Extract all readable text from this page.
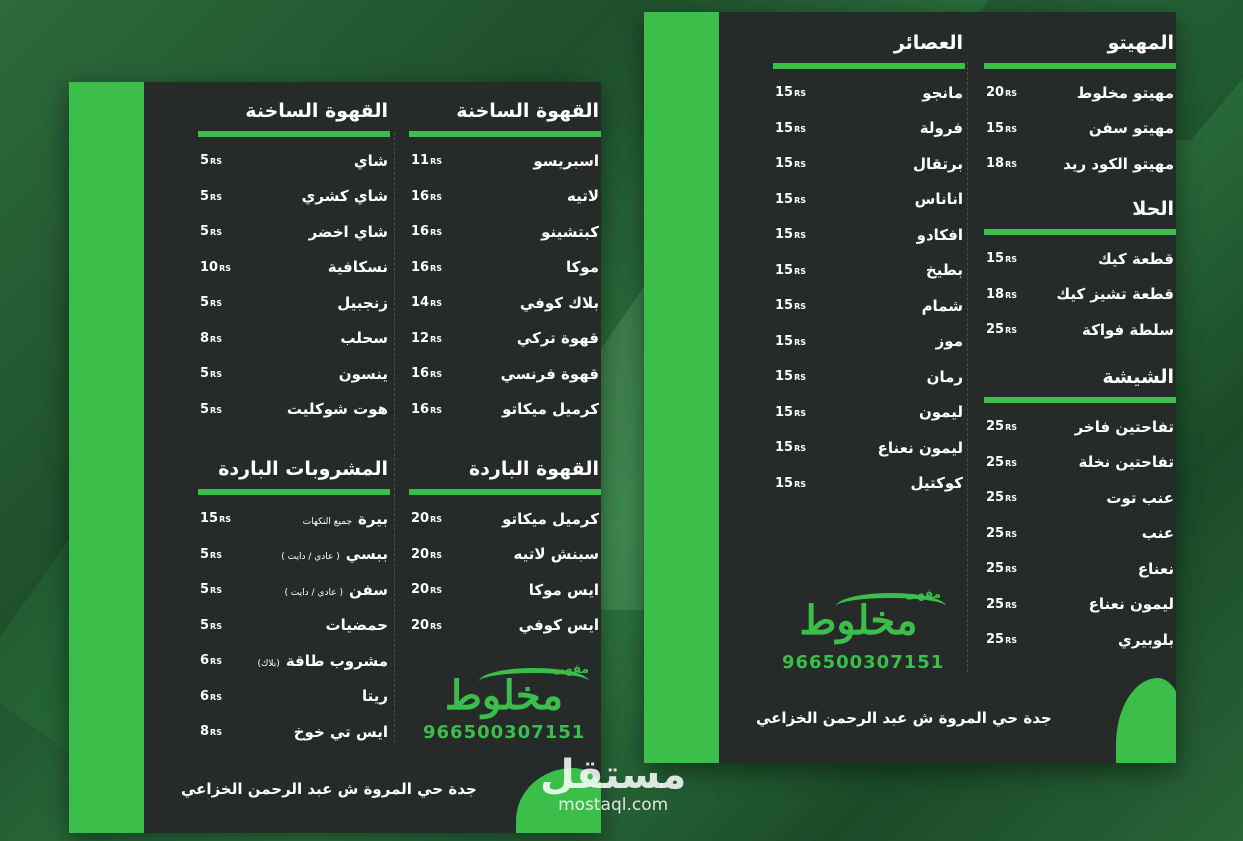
القهوة الساخنة
اسبريسو
11RS
لاتيه
16RS
كبتشينو
16RS
موكا
16RS
بلاك كوفي
14RS
قهوة تركي
12RS
قهوة فرنسي
16RS
كرميل ميكاتو
16RS
القهوة الساخنة
شاي
5RS
شاي كشري
5RS
شاي اخضر
5RS
نسكافية
10RS
زنجبيل
5RS
سحلب
8RS
ينسون
5RS
هوت شوكليت
5RS
القهوة الباردة
كرميل ميكاتو
20RS
سبنش لاتيه
20RS
ايس موكا
20RS
ايس كوفي
20RS
المشروبات الباردة
بيرةجميع النكهات
15RS
ببسي( عادي / دايت )
5RS
سفن( عادي / دايت )
5RS
حمضيات
5RS
مشروب طاقة(بلاك)
6RS
ريتا
6RS
ايس تي خوخ
8RS
مقهى
مخلوط
966500307151
جدة حي المروة ش عبد الرحمن الخزاعي
المهيتو
مهيتو مخلوط
20RS
مهيتو سفن
15RS
مهيتو الكود ريد
18RS
العصائر
مانجو
15RS
فرولة
15RS
برتقال
15RS
اناناس
15RS
افكادو
15RS
بطيخ
15RS
شمام
15RS
موز
15RS
رمان
15RS
ليمون
15RS
ليمون نعناع
15RS
كوكتيل
15RS
الحلا
قطعة كيك
15RS
قطعة تشيز كيك
18RS
سلطة فواكة
25RS
الشيشة
تفاحتين فاخر
25RS
تفاحتين نخلة
25RS
عنب توت
25RS
عنب
25RS
نعناع
25RS
ليمون نعناع
25RS
بلوبيري
25RS
مقهى
مخلوط
966500307151
جدة حي المروة ش عبد الرحمن الخزاعي
مستقل
mostaql.com
